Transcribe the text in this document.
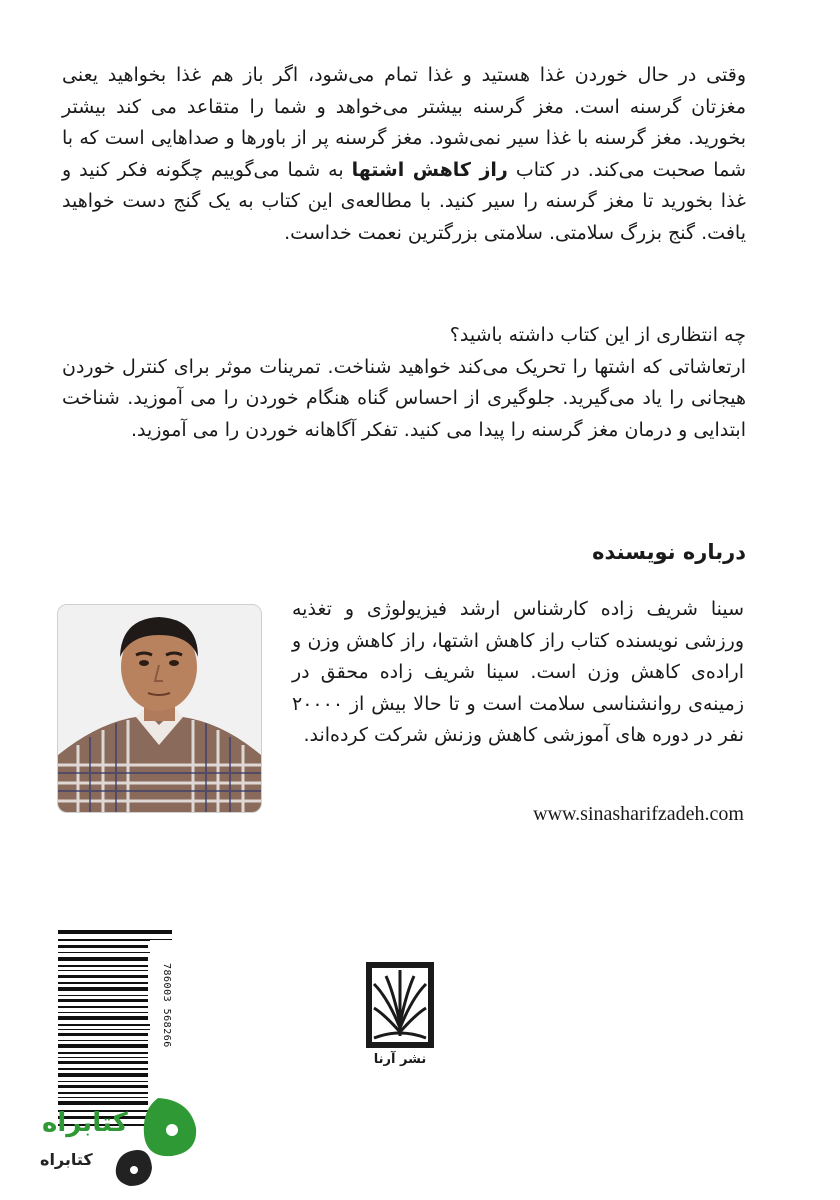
وقتی در حال خوردن غذا هستید و غذا تمام می‌شود، اگر باز هم غذا بخواهید یعنی مغزتان گرسنه است. مغز گرسنه بیشتر می‌خواهد و شما را متقاعد می کند بیشتر بخورید. مغز گرسنه با غذا سیر نمی‌شود. مغز گرسنه پر از باورها و صداهایی است که با شما صحبت می‌کند. در کتاب راز کاهش اشتها به شما می‌گوییم چگونه فکر کنید و غذا بخورید تا مغز گرسنه را سیر کنید. با مطالعه‌ی این کتاب به یک گنج دست خواهید یافت. گنج بزرگ سلامتی. سلامتی بزرگترین نعمت خداست.

چه انتظاری از این کتاب داشته باشید؟
ارتعاشاتی که اشتها را تحریک می‌کند خواهید شناخت. تمرینات موثر برای کنترل خوردن هیجانی را یاد می‌گیرید. جلوگیری از احساس گناه هنگام خوردن را می آموزید. شناخت ابتدایی و درمان مغز گرسنه را پیدا می کنید. تفکر آگاهانه خوردن را می آموزید.
درباره نویسنده

سینا شریف زاده کارشناس ارشد فیزیولوژی و تغذیه ورزشی نویسنده کتاب راز کاهش اشتها، راز کاهش وزن و اراده‌ی کاهش وزن است. سینا شریف زاده محقق در زمینه‌ی روانشناسی سلامت است و تا حالا بیش از ۲۰۰۰۰ نفر در دوره های آموزشی کاهش وزنش شرکت کرده‌اند.

www.sinasharifzadeh.com
786003 568266
نشر آرنا
کتابراه
کتابراه
